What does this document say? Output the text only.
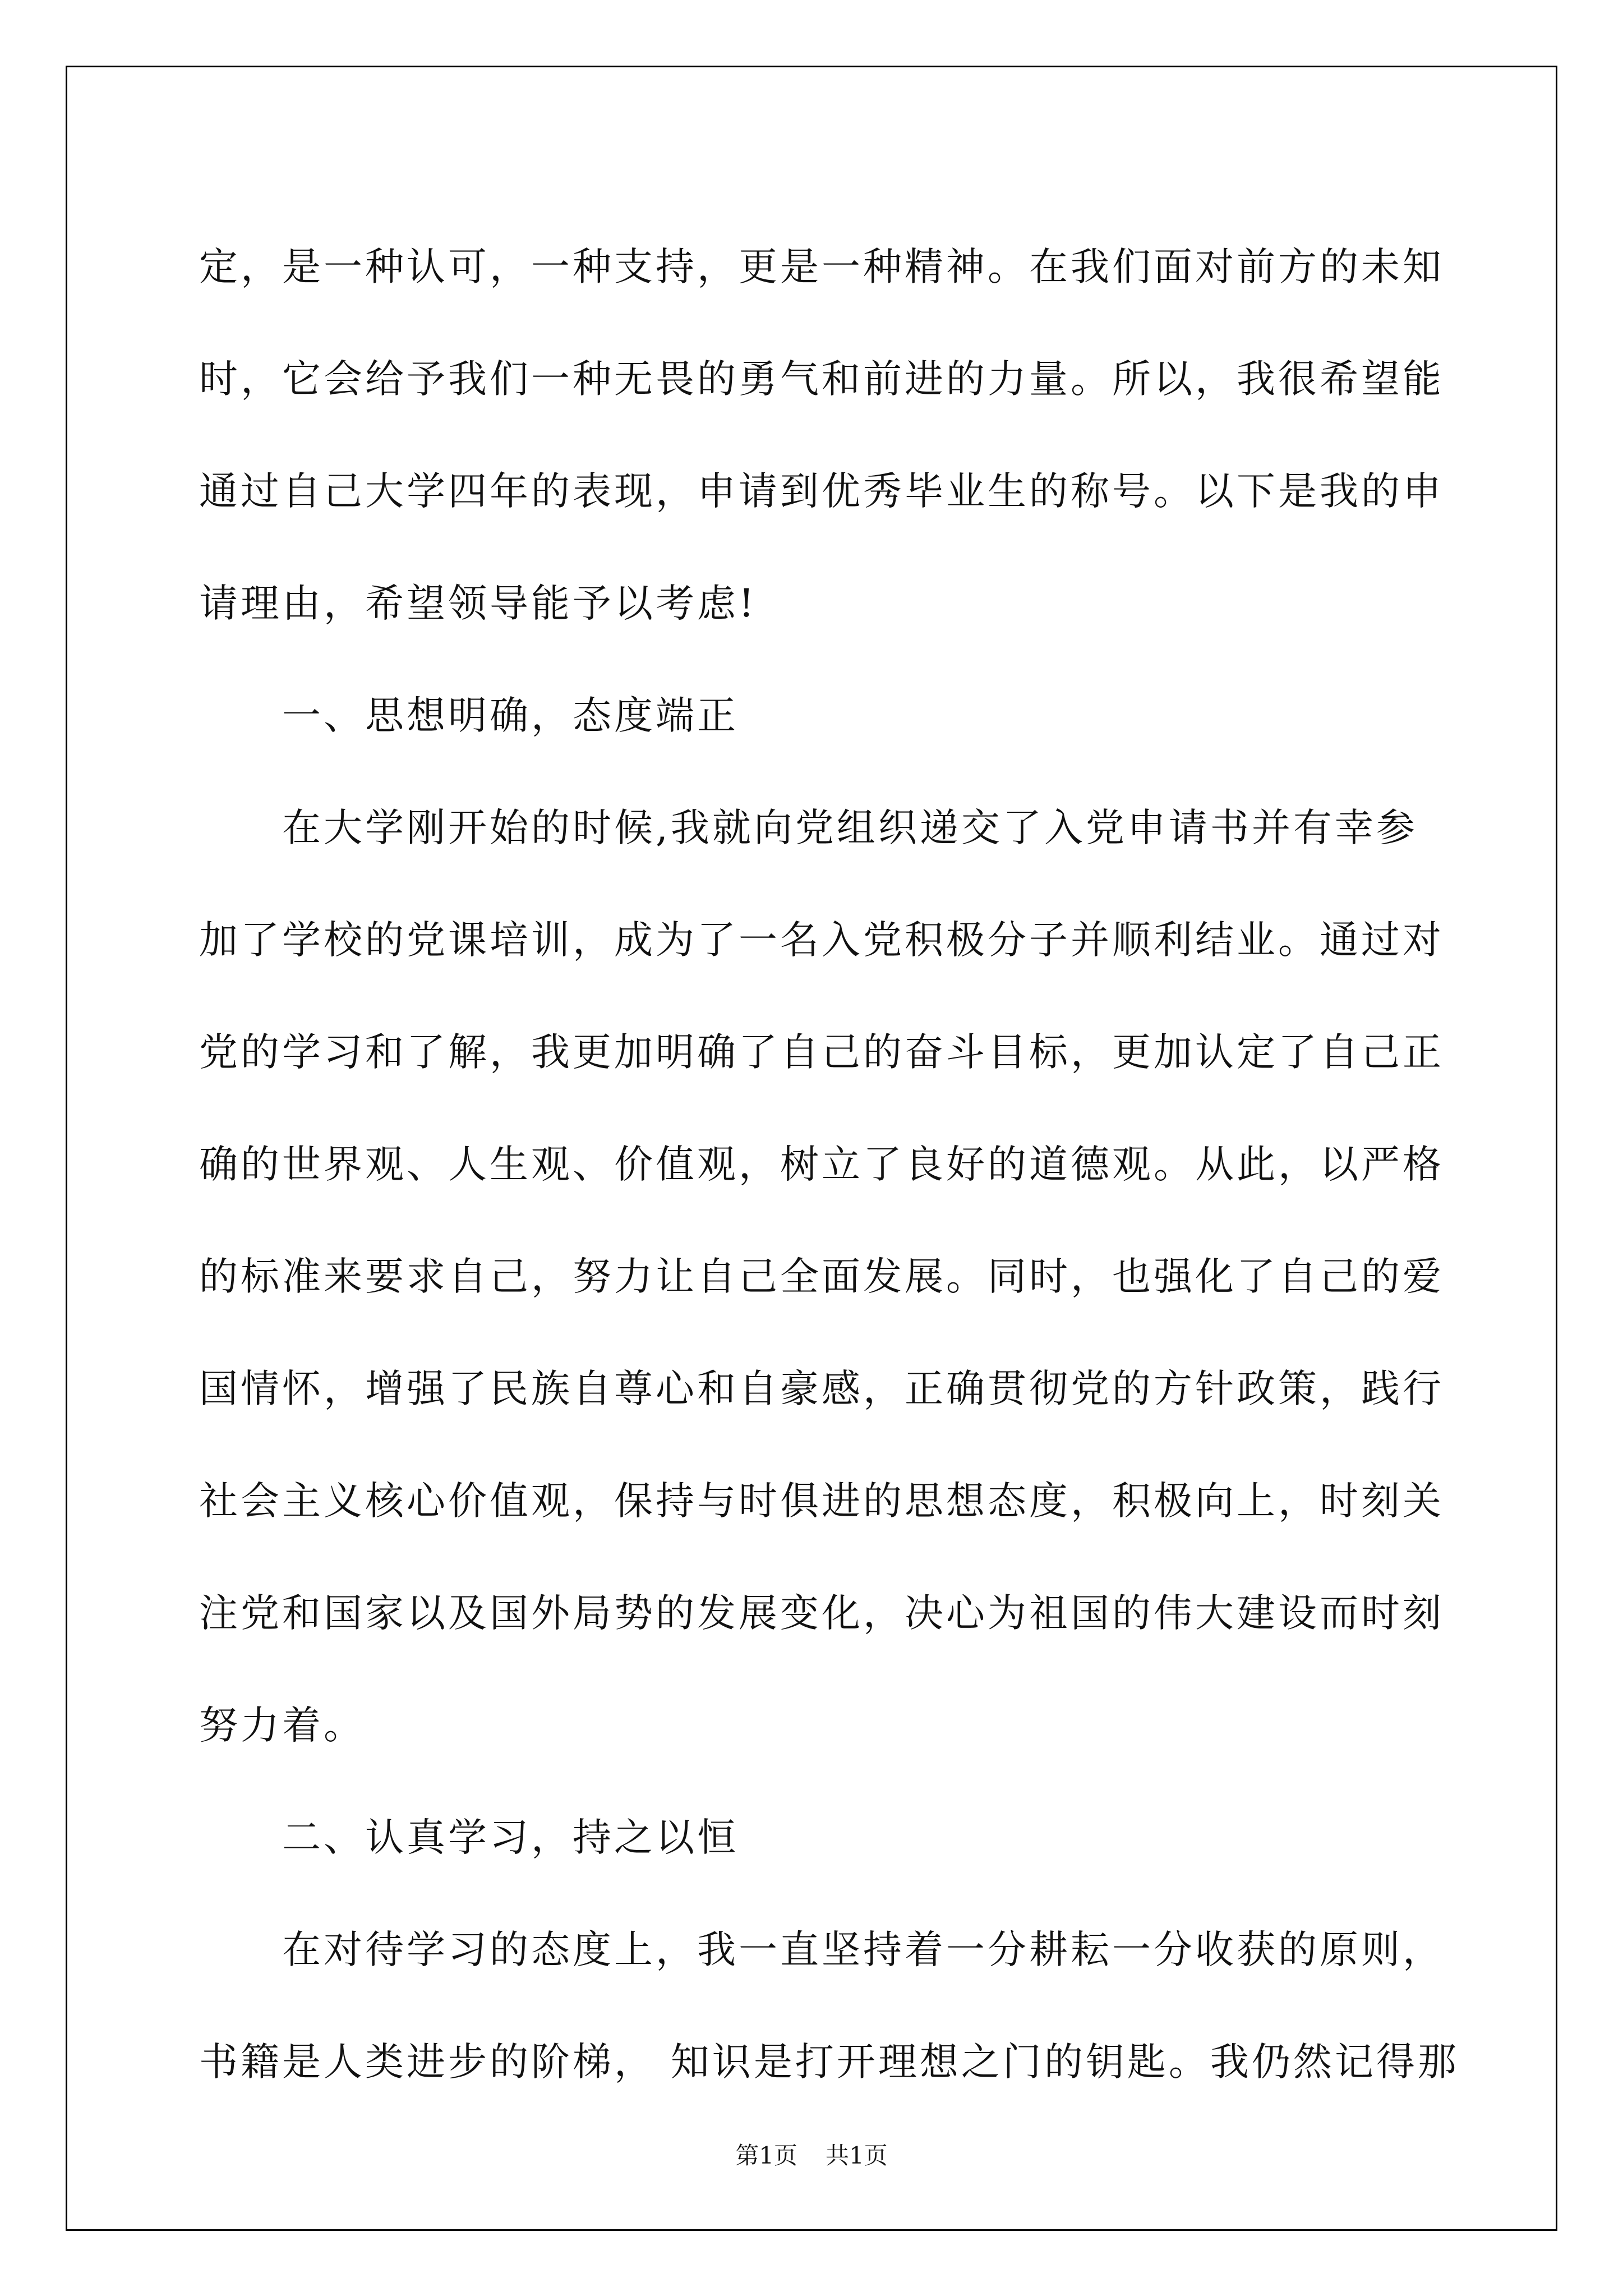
定，是一种认可，一种支持，更是一种精神。在我们面对前方的未知
时，它会给予我们一种无畏的勇气和前进的力量。所以，我很希望能
通过自己大学四年的表现，申请到优秀毕业生的称号。以下是我的申
请理由，希望领导能予以考虑!
一、思想明确，态度端正
在大学刚开始的时候,我就向党组织递交了入党申请书并有幸参
加了学校的党课培训，成为了一名入党积极分子并顺利结业。通过对
党的学习和了解，我更加明确了自己的奋斗目标，更加认定了自己正
确的世界观、人生观、价值观，树立了良好的道德观。从此，以严格
的标准来要求自己，努力让自己全面发展。同时，也强化了自己的爱
国情怀，增强了民族自尊心和自豪感，正确贯彻党的方针政策，践行
社会主义核心价值观，保持与时俱进的思想态度，积极向上，时刻关
注党和国家以及国外局势的发展变化，决心为祖国的伟大建设而时刻
努力着。
二、认真学习，持之以恒
在对待学习的态度上，我一直坚持着一分耕耘一分收获的原则，
书籍是人类进步的阶梯， 知识是打开理想之门的钥匙。我仍然记得那
第1页 共1页
